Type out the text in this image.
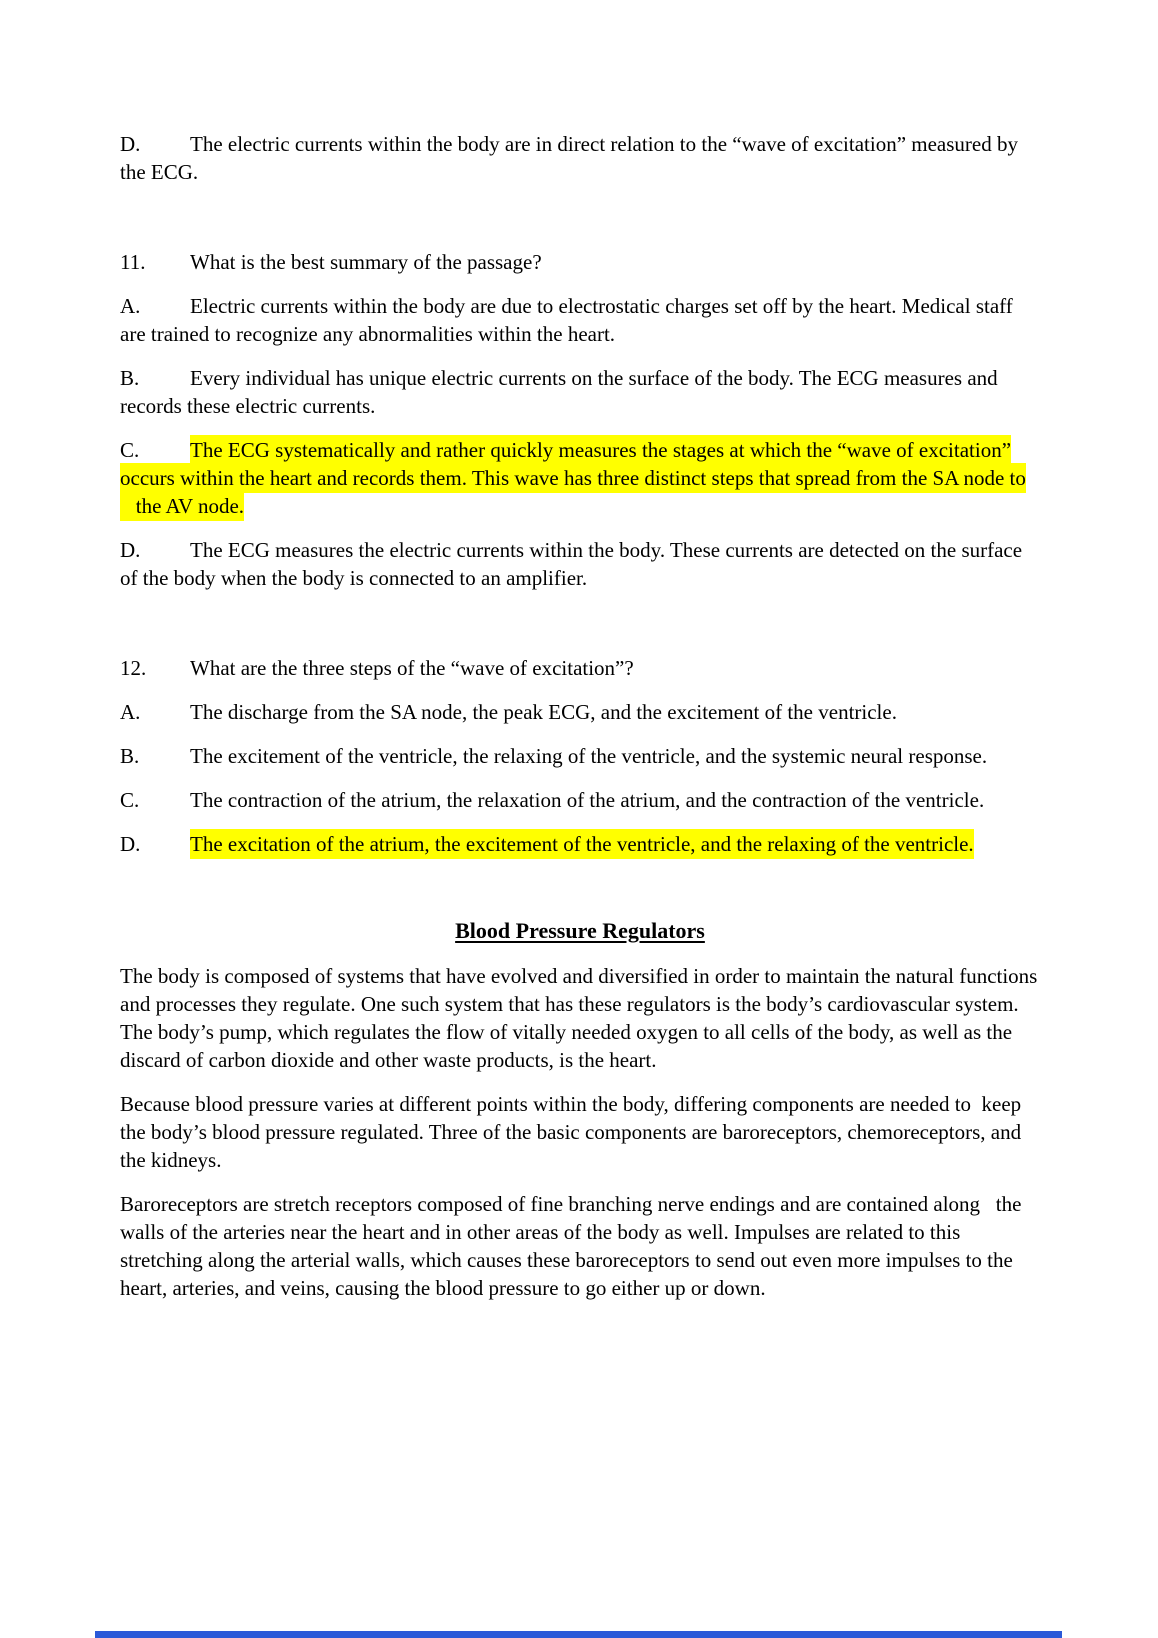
D. The electric currents within the body are in direct relation to the “wave of excitation” measured by the ECG.

11. What is the best summary of the passage?

A. Electric currents within the body are due to electrostatic charges set off by the heart. Medical staff are trained to recognize any abnormalities within the heart.

B. Every individual has unique electric currents on the surface of the body. The ECG measures and records these electric currents.

C. The ECG systematically and rather quickly measures the stages at which the “wave of excitation” occurs within the heart and records them. This wave has three distinct steps that spread from the SA node to    the AV node.

D. The ECG measures the electric currents within the body. These currents are detected on the surface of the body when the body is connected to an amplifier.

12. What are the three steps of the “wave of excitation”?

A. The discharge from the SA node, the peak ECG, and the excitement of the ventricle.

B. The excitement of the ventricle, the relaxing of the ventricle, and the systemic neural response.

C. The contraction of the atrium, the relaxation of the atrium, and the contraction of the ventricle.

D. The excitation of the atrium, the excitement of the ventricle, and the relaxing of the ventricle.

Blood Pressure Regulators

The body is composed of systems that have evolved and diversified in order to maintain the natural functions and processes they regulate. One such system that has these regulators is the body’s cardiovascular system.   The body’s pump, which regulates the flow of vitally needed oxygen to all cells of the body, as well as the discard of carbon dioxide and other waste products, is the heart.

Because blood pressure varies at different points within the body, differing components are needed to  keep the body’s blood pressure regulated. Three of the basic components are baroreceptors, chemoreceptors, and the kidneys.

Baroreceptors are stretch receptors composed of fine branching nerve endings and are contained along   the walls of the arteries near the heart and in other areas of the body as well. Impulses are related to this stretching along the arterial walls, which causes these baroreceptors to send out even more impulses to the heart, arteries, and veins, causing the blood pressure to go either up or down.
